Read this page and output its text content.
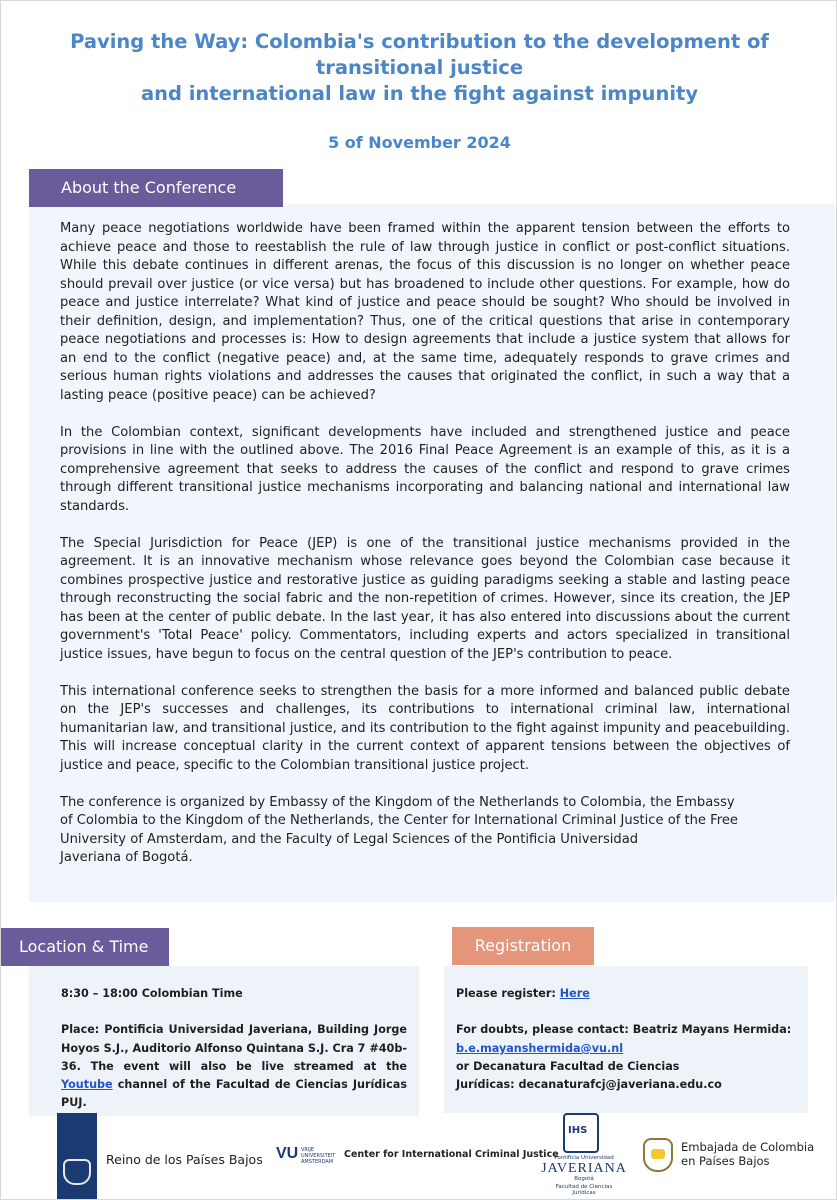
Paving the Way: Colombia's contribution to the development of
transitional justice
and international law in the fight against impunity
5 of November 2024
About the Conference

Many peace negotiations worldwide have been framed within the apparent tension between the efforts to achieve peace and those to reestablish the rule of law through justice in conflict or post-conflict situations. While this debate continues in different arenas, the focus of this discussion is no longer on whether peace should prevail over justice (or vice versa) but has broadened to include other questions. For example, how do peace and justice interrelate? What kind of justice and peace should be sought? Who should be involved in their definition, design, and implementation? Thus, one of the critical questions that arise in contemporary peace negotiations and processes is: How to design agreements that include a justice system that allows for an end to the conflict (negative peace) and, at the same time, adequately responds to grave crimes and serious human rights violations and addresses the causes that originated the conflict, in such a way that a lasting peace (positive peace) can be achieved?

In the Colombian context, significant developments have included and strengthened justice and peace provisions in line with the outlined above. The 2016 Final Peace Agreement is an example of this, as it is a comprehensive agreement that seeks to address the causes of the conflict and respond to grave crimes through different transitional justice mechanisms incorporating and balancing national and international law standards.

The Special Jurisdiction for Peace (JEP) is one of the transitional justice mechanisms provided in the agreement. It is an innovative mechanism whose relevance goes beyond the Colombian case because it combines prospective justice and restorative justice as guiding paradigms seeking a stable and lasting peace through reconstructing the social fabric and the non-repetition of crimes. However, since its creation, the JEP has been at the center of public debate. In the last year, it has also entered into discussions about the current government's 'Total Peace' policy. Commentators, including experts and actors specialized in transitional justice issues, have begun to focus on the central question of the JEP's contribution to peace.

This international conference seeks to strengthen the basis for a more informed and balanced public debate on the JEP's successes and challenges, its contributions to international criminal law, international humanitarian law, and transitional justice, and its contribution to the fight against impunity and peacebuilding. This will increase conceptual clarity in the current context of apparent tensions between the objectives of justice and peace, specific to the Colombian transitional justice project.

The conference is organized by Embassy of the Kingdom of the Netherlands to Colombia, the Embassy
of Colombia to the Kingdom of the Netherlands, the Center for International Criminal Justice of the Free University of Amsterdam, and the Faculty of Legal Sciences of the Pontificia Universidad
Javeriana of Bogotá.

Location & Time	Registration

8:30 – 18:00 Colombian Time

Place: Pontificia Universidad Javeriana, Building Jorge Hoyos S.J., Auditorio Alfonso Quintana S.J. Cra 7 #40b-36. The event will also be live streamed at the Youtube channel of the Facultad de Ciencias Jurídicas PUJ.

Please register: Here

For doubts, please contact: Beatriz Mayans Hermida:
b.e.mayanshermida@vu.nl
or Decanatura Facultad de Ciencias
Jurídicas: decanaturafcj@javeriana.edu.co

Reino de los Países Bajos VU VRIJE UNIVERSITEIT AMSTERDAM
Center for International Criminal Justice
IHS
Pontificia Universidad
JAVERIANA
Bogotá
Facultad de Ciencias Jurídicas
Embajada de Colombia
en Países Bajos
